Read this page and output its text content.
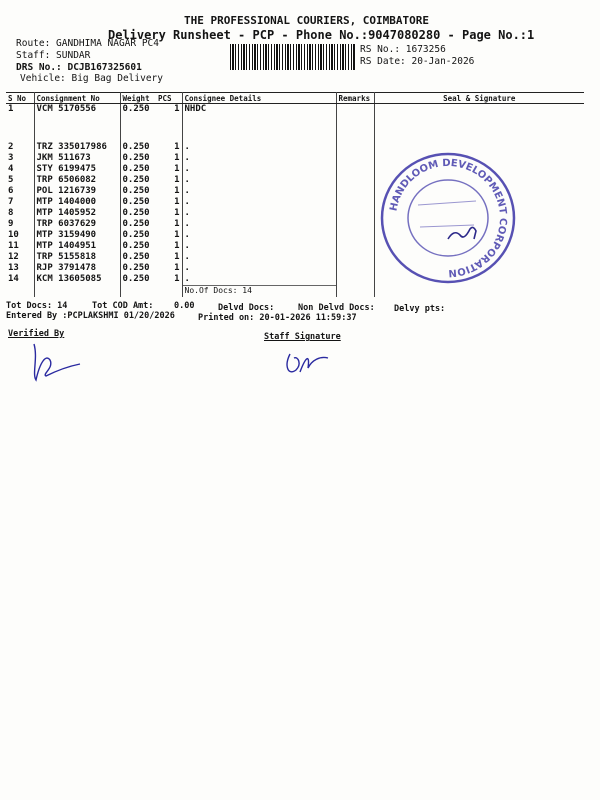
THE PROFESSIONAL COURIERS, COIMBATORE
Delivery Runsheet - PCP - Phone No.:9047080280 - Page No.:1
Route: GANDHIMA NAGAR PC4
Staff: SUNDAR
DRS No.: DCJB167325601
Vehicle: Big Bag Delivery
RS No.: 1673256
RS Date: 20-Jan-2026
S No	Consignment No	Weight	PCS	Consignee Details	Remarks	Seal & Signature
1	VCM 5170556	0.250	1	NHDC		
2	TRZ 335017986	0.250	1	.		
3	JKM 511673	0.250	1	.		
4	STY 6199475	0.250	1	.		
5	TRP 6506082	0.250	1	.		
6	POL 1216739	0.250	1	.		
7	MTP 1404000	0.250	1	.		
8	MTP 1405952	0.250	1	.		
9	TRP 6037629	0.250	1	.		
10	MTP 3159490	0.250	1	.		
11	MTP 1404951	0.250	1	.		
12	TRP 5155818	0.250	1	.		
13	RJP 3791478	0.250	1	.		
14	KCM 13605085	0.250	1	.		
				No.Of Docs: 14		
HANDLOOM DEVELOPMENT CORPORATION
Tot Docs: 14	Tot COD Amt: 0.00	Delvd Docs:	Non Delvd Docs: Delvy pts:
Entered By :PCPLAKSHMI 01/20/2026	Printed on: 20-01-2026 11:59:37
Verified By	Staff Signature
